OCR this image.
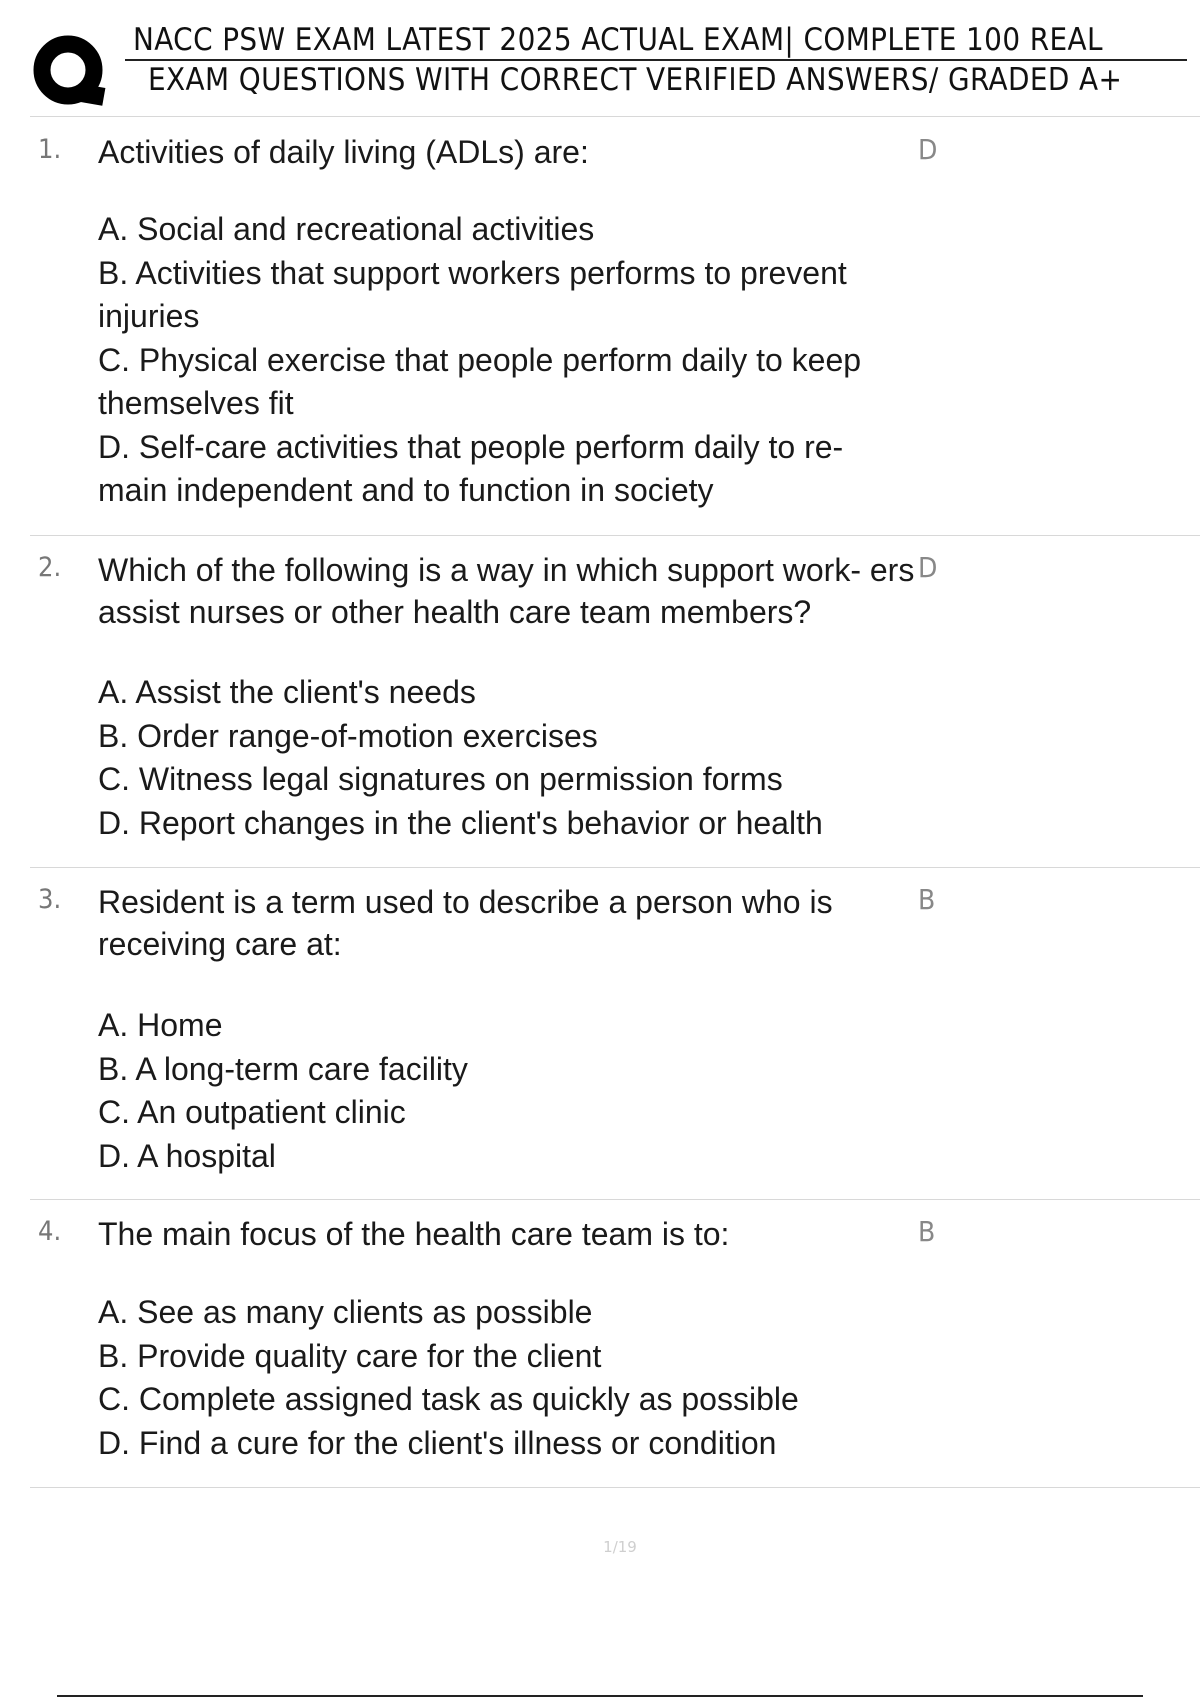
NACC PSW EXAM LATEST 2025 ACTUAL EXAM| COMPLETE 100 REAL
EXAM QUESTIONS WITH CORRECT VERIFIED ANSWERS/ GRADED A+
1. Activities of daily living (ADLs) are:	D

A. Social and recreational activities

B. Activities that support workers performs to prevent injuries

C. Physical exercise that people perform daily to keep themselves fit

D. Self-care activities that people perform daily to re- main independent and to function in society

2. Which of the following is a way in which support work- ers assist nurses or other health care team members?
D

A. Assist the client's needs

B. Order range-of-motion exercises

C. Witness legal signatures on permission forms

D. Report changes in the client's behavior or health

3. Resident is a term used to describe a person who is receiving care at:
B

A. Home

B. A long-term care facility

C. An outpatient clinic

D. A hospital

4. The main focus of the health care team is to:	B

A. See as many clients as possible

B. Provide quality care for the client

C. Complete assigned task as quickly as possible

D. Find a cure for the client's illness or condition

1/19
